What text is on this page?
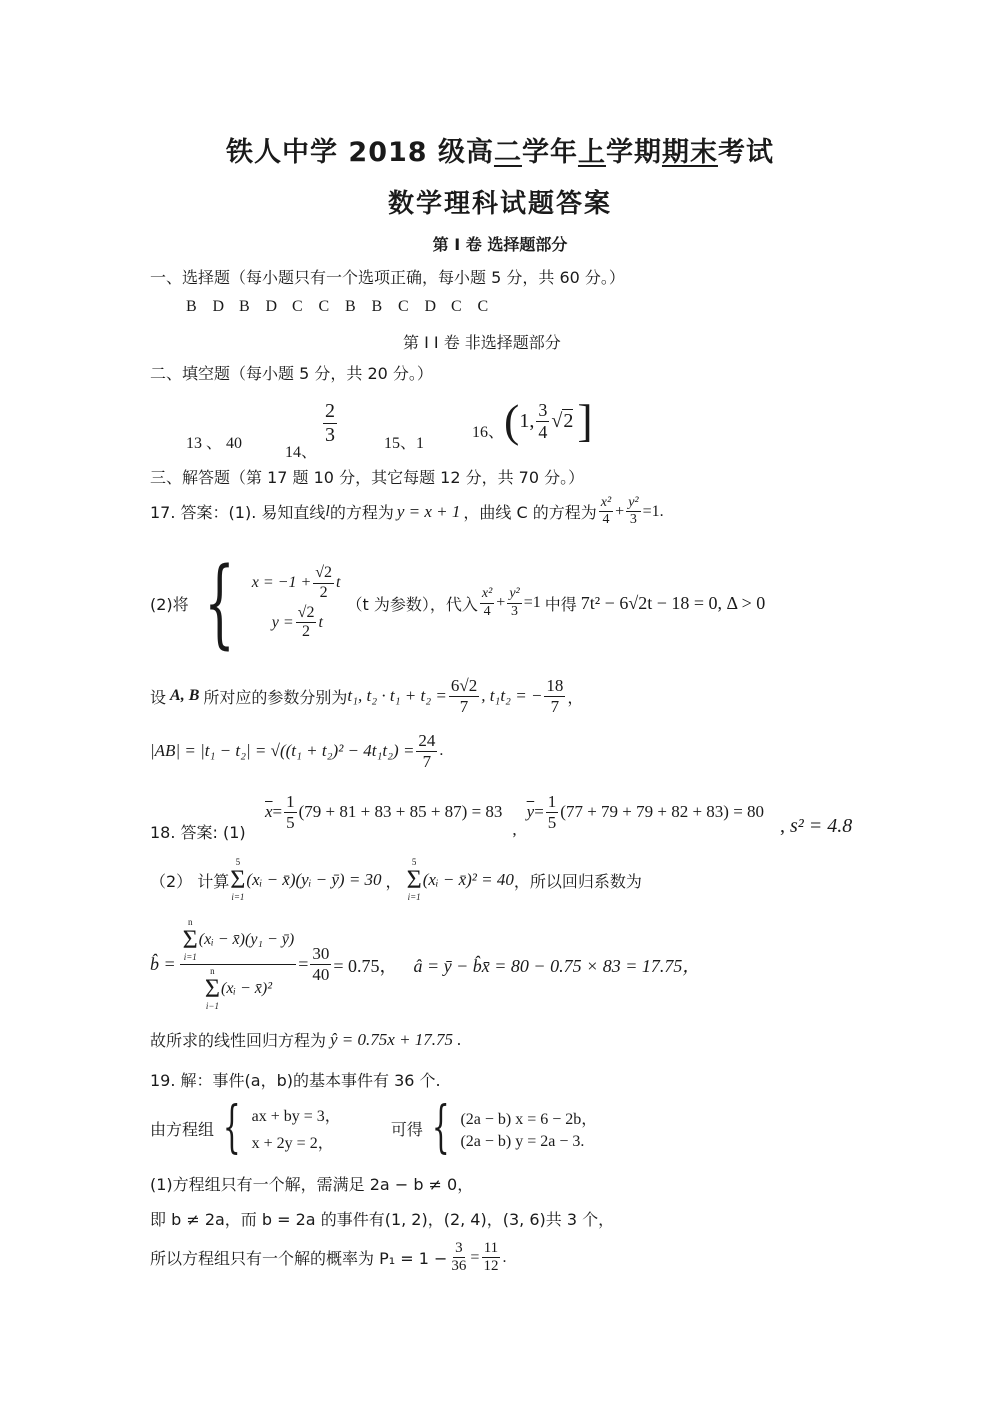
铁人中学 2018 级高二学年上学期期末考试
数学理科试题答案
第 I 卷 选择题部分
一、选择题（每小题只有一个选项正确，每小题 5 分，共 60 分。）
B D B D C C B B C D C C
第 I I 卷 非选择题部分
二、填空题（每小题 5 分，共 20 分。）
13 、 40
14、
$\frac{2}{3}$	15、1
16、 ( 1, $\frac{3}{4}$ √ 2 ]
三、解答题（第 17 题 10 分，其它每题 12 分，共 70 分。）
17. 答案：(1). 易知直线 l 的方程为 y = x + 1 ，曲线 C 的方程为 $\frac{\text{x²}}{4} + \frac{\text{y²}}{3} =1$ .
(2)将 { $x = -1 + \frac{√2}{2}$ t
$y = \frac{√2}{2}$ t
（t 为参数），代入 $\frac{\text{x²}}{4} + \frac{\text{y²}}{3} =1$ 中得 7t² − 6√2t − 18 = 0, Δ > 0
设 A, B 所对应的参数分别为 t₁, $t_2 \cdot t_1 + t_2 = \frac{6√2}{7}$ , t₁t₂ = − $\frac{18}{7}$ ，
$|AB| = |t_1 - t_2| = √((t_1 + t_2)^2 - 4t_1t_2) = \frac{24}{7}$ .
18. 答案: (1)
$\overline{x} = \frac{1}{5} (79 + 81 + 83 + 85 + 87) = 83$
,
$\overline{y} = \frac{1}{5} (77 + 79 + 79 + 82 + 83) = 80$
, s² = 4.8
（2） 计算
5
Σ
i=1
(xᵢ − x̄)(yᵢ − ȳ) = 30 ，
5
Σ
i=1
(xᵢ − x̄)² = 40 ，所以回归系数为
b̂ = n
Σ
i=1
(xᵢ − x̄)(y₁ − ȳ)
n
Σ
i−1
(xᵢ − x̄)² = $\frac{30}{40} = 0.75$， â = ȳ − b̂x̄ = 80 − 0.75 × 83 = 17.75，
故所求的线性回归方程为 ŷ = 0.75x + 17.75 .
19. 解：事件(a，b)的基本事件有 36 个.
由方程组 { ax + by = 3，
x + 2y = 2，
可得 { (2a − b) x = 6 − 2b，
(2a − b) y = 2a − 3.
(1)方程组只有一个解，需满足 2a − b ≠ 0，
即 b ≠ 2a，而 b = 2a 的事件有(1, 2)，(2, 4)，(3, 6)共 3 个，
所以方程组只有一个解的概率为 $P_1 = 1 - \frac{3}{36} = \frac{11}{12}$ .
